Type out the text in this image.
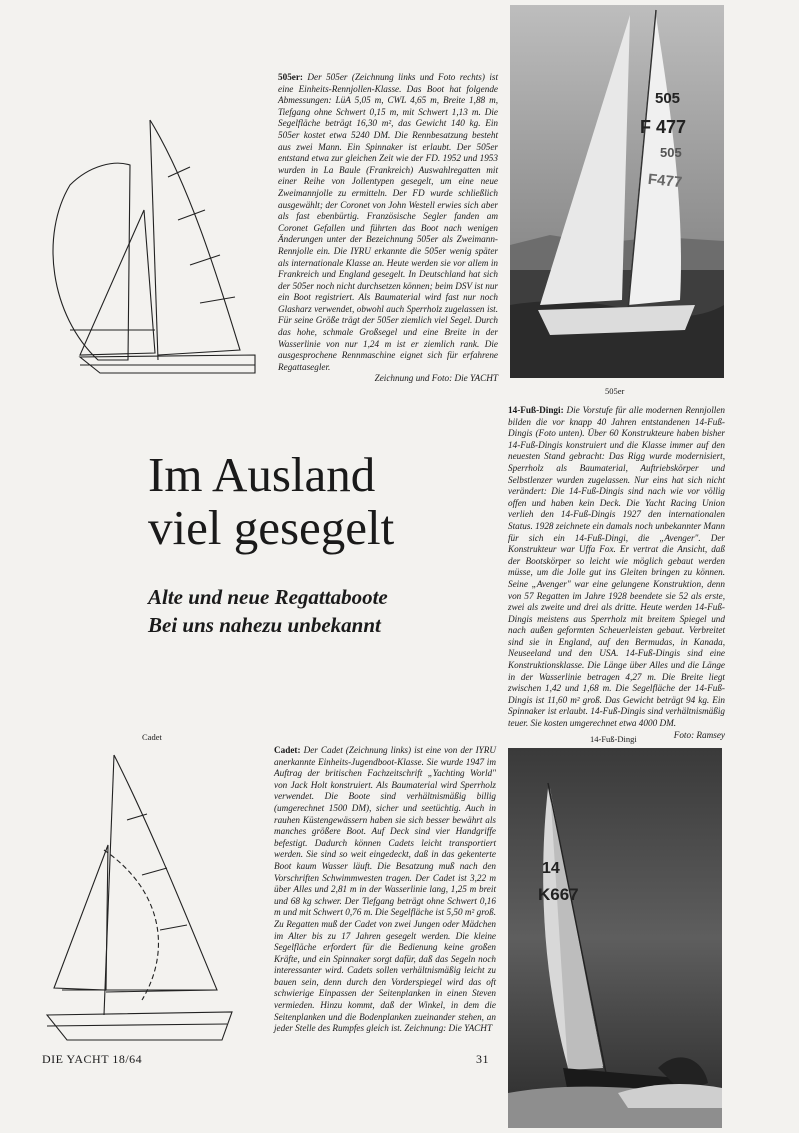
505er: Der 505er (Zeichnung links und Foto rechts) ist eine Einheits-Rennjollen-Klasse. Das Boot hat folgende Abmessungen: LüA 5,05 m, CWL 4,65 m, Breite 1,88 m, Tiefgang ohne Schwert 0,15 m, mit Schwert 1,13 m. Die Segelfläche beträgt 16,30 m², das Gewicht 140 kg. Ein 505er kostet etwa 5240 DM. Die Rennbesatzung besteht aus zwei Mann. Ein Spinnaker ist erlaubt. Der 505er entstand etwa zur gleichen Zeit wie der FD. 1952 und 1953 wurden in La Baule (Frankreich) Auswahlregatten mit einer Reihe von Jollentypen gesegelt, um eine neue Zweimannjolle zu ermitteln. Der FD wurde schließlich ausgewählt; der Coronet von John Westell erwies sich aber als fast ebenbürtig. Französische Segler fanden am Coronet Gefallen und führten das Boot nach wenigen Änderungen unter der Bezeichnung 505er als Zweimann-Rennjolle ein. Die IYRU erkannte die 505er wenig später als internationale Klasse an. Heute werden sie vor allem in Frankreich und England gesegelt. In Deutschland hat sich der 505er noch nicht durchsetzen können; beim DSV ist nur ein Boot registriert. Als Baumaterial wird fast nur noch Glasharz verwendet, obwohl auch Sperrholz zugelassen ist. Für seine Größe trägt der 505er ziemlich viel Segel. Durch das hohe, schmale Großsegel und eine Breite in der Wasserlinie von nur 1,24 m ist er ziemlich rank. Die ausgesprochene Rennmaschine eignet sich für erfahrene Regattasegler.

Zeichnung und Foto: Die YACHT
505
F 477
505
F477
505er
Im Ausland
viel gesegelt

Alte und neue Regattaboote

Bei uns nahezu unbekannt

14-Fuß-Dingi: Die Vorstufe für alle modernen Rennjollen bilden die vor knapp 40 Jahren entstandenen 14-Fuß-Dingis (Foto unten). Über 60 Konstrukteure haben bisher 14-Fuß-Dingis konstruiert und die Klasse immer auf den neuesten Stand gebracht: Das Rigg wurde modernisiert, Sperrholz als Baumaterial, Auftriebskörper und Selbstlenzer wurden zugelassen. Nur eins hat sich nicht verändert: Die 14-Fuß-Dingis sind nach wie vor völlig offen und haben kein Deck. Die Yacht Racing Union verlieh den 14-Fuß-Dingis 1927 den internationalen Status. 1928 zeichnete ein damals noch unbekannter Mann für sich ein 14-Fuß-Dingi, die „Avenger". Der Konstrukteur war Uffa Fox. Er vertrat die Ansicht, daß der Bootskörper so leicht wie möglich gebaut werden müsse, um die Jolle gut ins Gleiten bringen zu können. Seine „Avenger" war eine gelungene Konstruktion, denn von 57 Regatten im Jahre 1928 beendete sie 52 als erste, zwei als zweite und drei als dritte. Heute werden 14-Fuß-Dingis meistens aus Sperrholz mit breitem Spiegel und nach außen geformten Scheuerleisten gebaut. Verbreitet sind sie in England, auf den Bermudas, in Kanada, Neuseeland und den USA. 14-Fuß-Dingis sind eine Konstruktionsklasse. Die Länge über Alles und die Länge in der Wasserlinie betragen 4,27 m. Die Breite liegt zwischen 1,42 und 1,68 m. Die Segelfläche der 14-Fuß-Dingis ist 11,60 m² groß. Das Gewicht beträgt 94 kg. Ein Spinnaker ist erlaubt. 14-Fuß-Dingis sind verhältnismäßig teuer. Sie kosten umgerechnet etwa 4000 DM.

Foto: Ramsey
14-Fuß-Dingi
Cadet

Cadet: Der Cadet (Zeichnung links) ist eine von der IYRU anerkannte Einheits-Jugendboot-Klasse. Sie wurde 1947 im Auftrag der britischen Fachzeitschrift „Yachting World" von Jack Holt konstruiert. Als Baumaterial wird Sperrholz verwendet. Die Boote sind verhältnismäßig billig (umgerechnet 1500 DM), sicher und seetüchtig. Auch in rauhen Küstengewässern haben sie sich besser bewährt als manches größere Boot. Auf Deck sind vier Handgriffe befestigt. Dadurch können Cadets leicht transportiert werden. Sie sind so weit eingedeckt, daß in das gekenterte Boot kaum Wasser läuft. Die Besatzung muß nach den Vorschriften Schwimmwesten tragen. Der Cadet ist 3,22 m über Alles und 2,81 m in der Wasserlinie lang, 1,25 m breit und 68 kg schwer. Der Tiefgang beträgt ohne Schwert 0,16 m und mit Schwert 0,76 m. Die Segelfläche ist 5,50 m² groß. Zu Regatten muß der Cadet von zwei Jungen oder Mädchen im Alter bis zu 17 Jahren gesegelt werden. Die kleine Segelfläche erfordert für die Bedienung keine großen Kräfte, und ein Spinnaker sorgt dafür, daß das Segeln noch interessanter wird. Cadets sollen verhältnismäßig leicht zu bauen sein, denn durch den Vorderspiegel wird das oft schwierige Einpassen der Seitenplanken in einen Steven vermieden. Hinzu kommt, daß der Winkel, in dem die Seitenplanken und die Bodenplanken zueinander stehen, an jeder Stelle des Rumpfes gleich ist. Zeichnung: Die YACHT

14
K667
DIE YACHT 18/64	31
